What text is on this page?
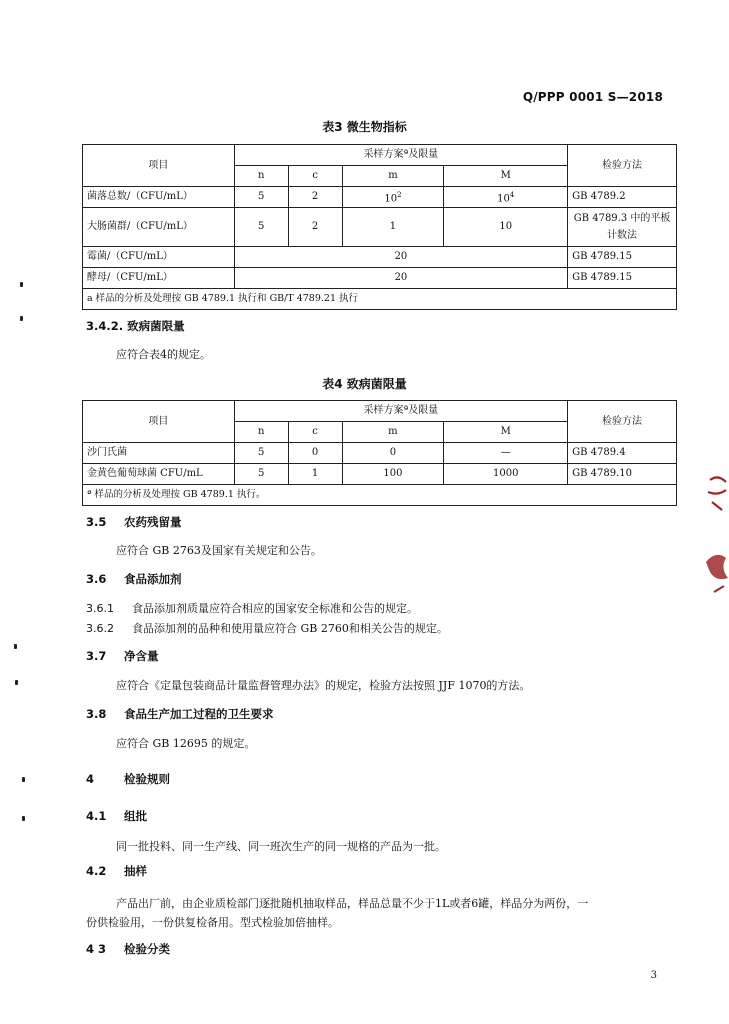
Q/PPP 0001 S—2018
表3 微生物指标
项目	采样方案ª及限量				检验方法
	n	c	m	M	
菌落总数/（CFU/mL）	5	2	$10^2$	$10^4$	GB 4789.2
大肠菌群/（CFU/mL）	5	2	1	10	GB 4789.3 中的平板
计数法

霉菌/（CFU/mL）	20				GB 4789.15
酵母/（CFU/mL）	20				GB 4789.15
a 样品的分析及处理按 GB 4789.1 执行和 GB/T 4789.21 执行					
3.4.2. 致病菌限量
应符合表4的规定。
表4 致病菌限量
项目	采样方案ª及限量				检验方法
	n	c	m	M	
沙门氏菌	5	0	0	—	GB 4789.4
金黄色葡萄球菌 CFU/mL	5	1	100	1000	GB 4789.10
ª 样品的分析及处理按 GB 4789.1 执行。					
3.5 农药残留量
应符合 GB 2763及国家有关规定和公告。
3.6 食品添加剂
3.6.1 食品添加剂质量应符合相应的国家安全标准和公告的规定。
3.6.2 食品添加剂的品种和使用量应符合 GB 2760和相关公告的规定。
3.7 净含量
应符合《定量包装商品计量监督管理办法》的规定，检验方法按照 JJF 1070的方法。
3.8 食品生产加工过程的卫生要求
应符合 GB 12695 的规定。
4	检验规则
4.1 组批
同一批投料、同一生产线、同一班次生产的同一规格的产品为一批。
4.2 抽样
产品出厂前，由企业质检部门逐批随机抽取样品，样品总量不少于1L或者6罐，样品分为两份，一
份供检验用，一份供复检备用。型式检验加倍抽样。
4 3 检验分类
3
